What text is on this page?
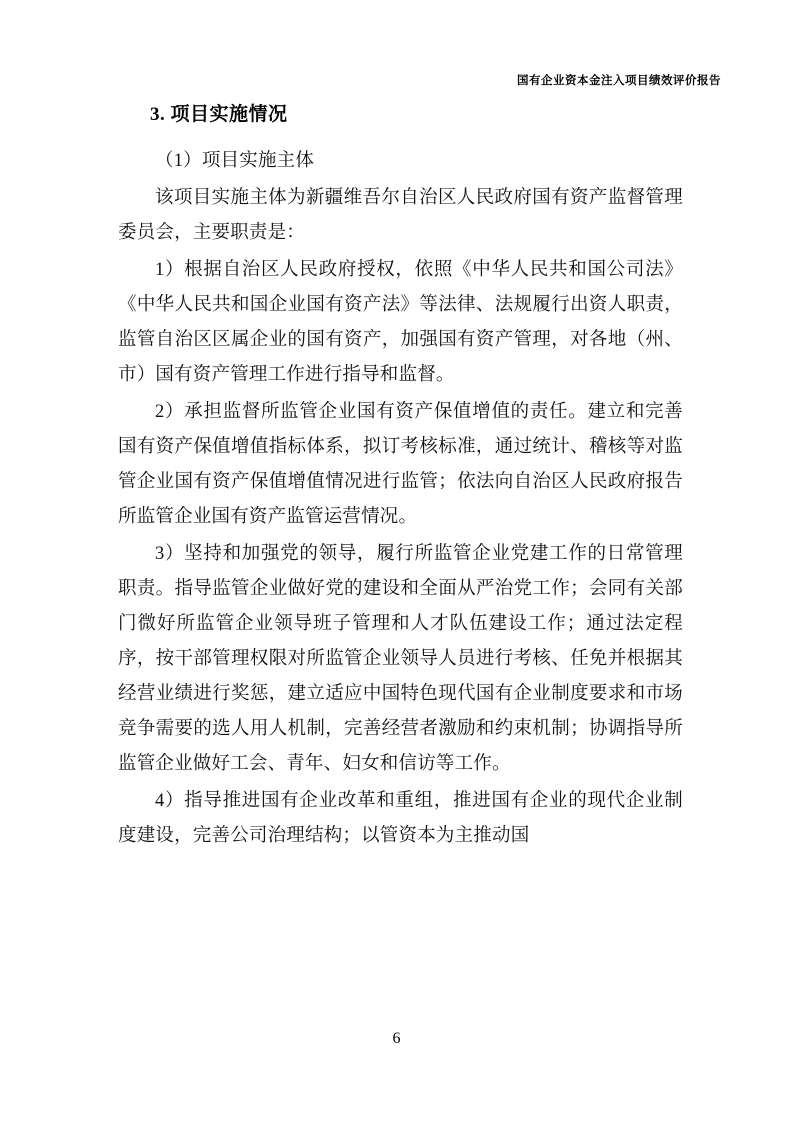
国有企业资本金注入项目绩效评价报告
3. 项目实施情况

（1）项目实施主体

该项目实施主体为新疆维吾尔自治区人民政府国有资产监督管理委员会，主要职责是：

1）根据自治区人民政府授权，依照《中华人民共和国公司法》《中华人民共和国企业国有资产法》等法律、法规履行出资人职责，监管自治区区属企业的国有资产，加强国有资产管理，对各地（州、市）国有资产管理工作进行指导和监督。

2）承担监督所监管企业国有资产保值增值的责任。建立和完善国有资产保值增值指标体系，拟订考核标准，通过统计、稽核等对监管企业国有资产保值增值情况进行监管；依法向自治区人民政府报告所监管企业国有资产监管运营情况。

3）坚持和加强党的领导，履行所监管企业党建工作的日常管理职责。指导监管企业做好党的建设和全面从严治党工作；会同有关部门微好所监管企业领导班子管理和人才队伍建设工作；通过法定程序，按干部管理权限对所监管企业领导人员进行考核、任免并根据其经营业绩进行奖惩，建立适应中国特色现代国有企业制度要求和市场竞争需要的选人用人机制，完善经营者激励和约束机制；协调指导所监管企业做好工会、青年、妇女和信访等工作。

4）指导推进国有企业改革和重组，推进国有企业的现代企业制度建设，完善公司治理结构；以管资本为主推动国

6
